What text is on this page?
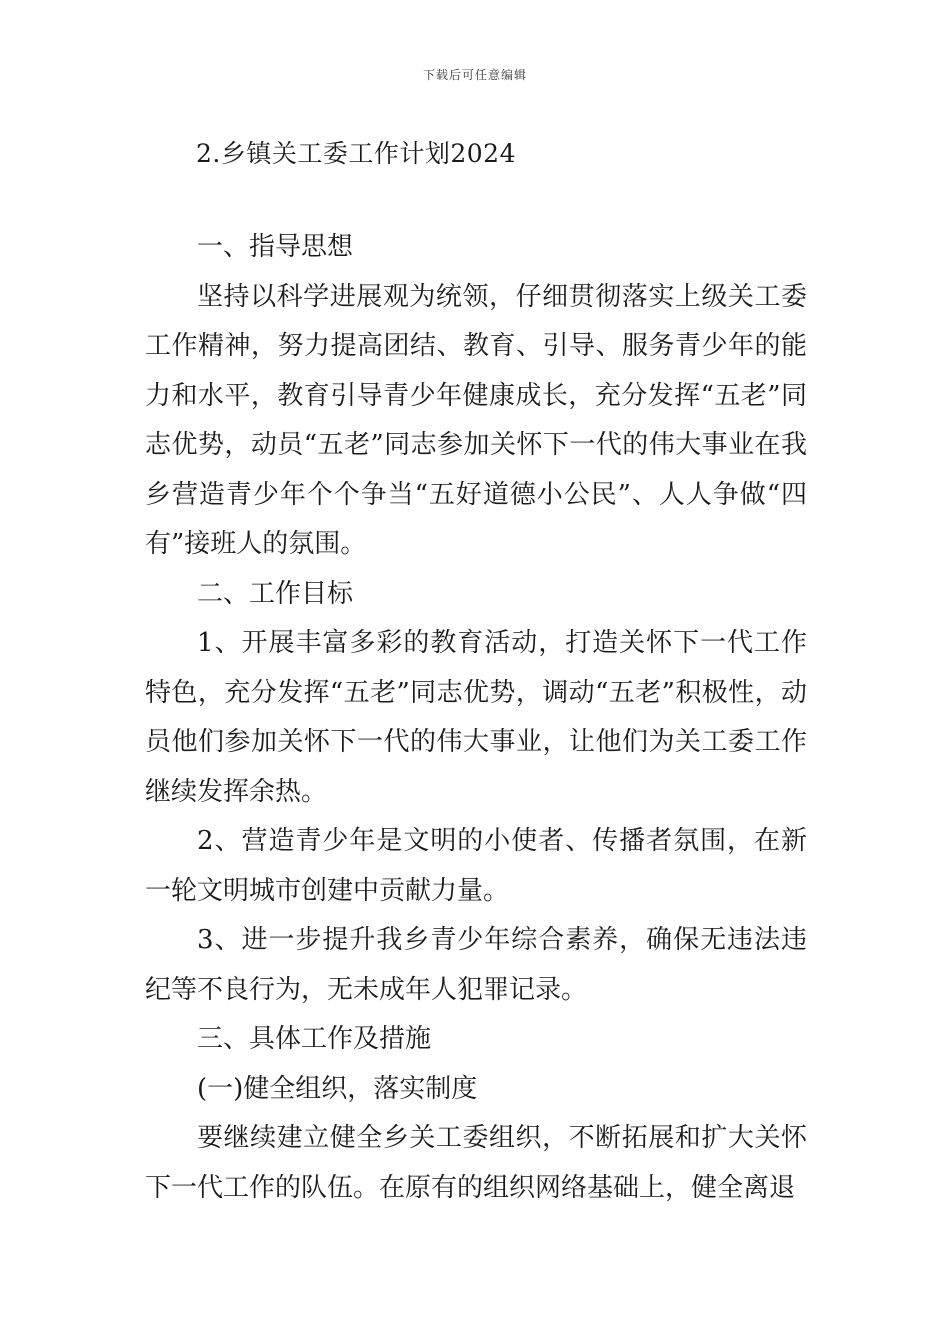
下载后可任意编辑
2.乡镇关工委工作计划2024

一、指导思想

坚持以科学进展观为统领，仔细贯彻落实上级关工委工作精神，努力提高团结、教育、引导、服务青少年的能力和水平，教育引导青少年健康成长，充分发挥“五老”同志优势，动员“五老”同志参加关怀下一代的伟大事业在我乡营造青少年个个争当“五好道德小公民”、人人争做“四有”接班人的氛围。

二、工作目标

1、开展丰富多彩的教育活动，打造关怀下一代工作特色，充分发挥“五老”同志优势，调动“五老”积极性，动员他们参加关怀下一代的伟大事业，让他们为关工委工作继续发挥余热。

2、营造青少年是文明的小使者、传播者氛围，在新一轮文明城市创建中贡献力量。

3、进一步提升我乡青少年综合素养，确保无违法违纪等不良行为，无未成年人犯罪记录。

三、具体工作及措施

(一)健全组织，落实制度

要继续建立健全乡关工委组织，不断拓展和扩大关怀下一代工作的队伍。在原有的组织网络基础上，健全离退
